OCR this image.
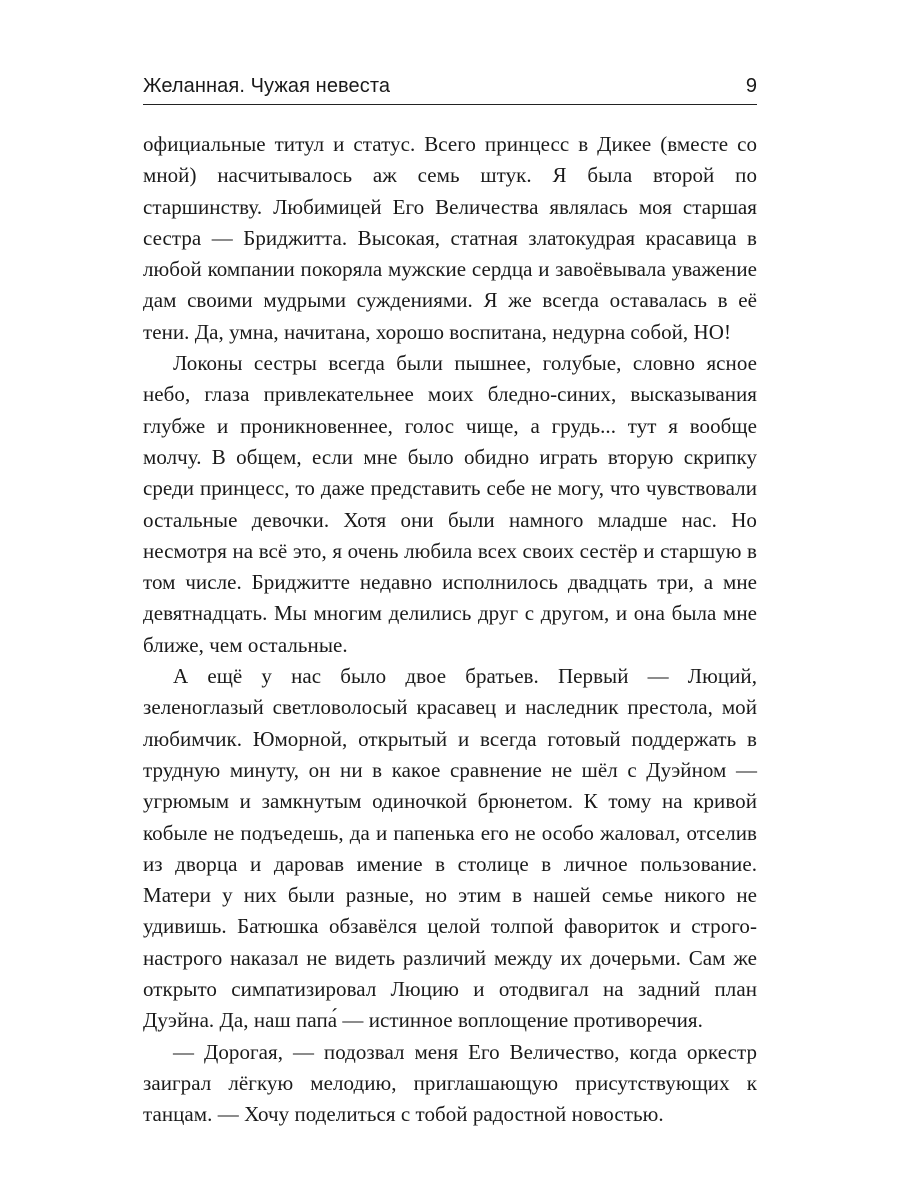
Желанная. Чужая невеста	9

официальные титул и статус. Всего принцесс в Дикее (вместе со мной) насчитывалось аж семь штук. Я была второй по старшинству. Любимицей Его Величества являлась моя старшая сестра — Бриджитта. Высокая, статная златокудрая красавица в любой компании покоряла мужские сердца и завоёвывала уважение дам своими мудрыми суждениями. Я же всегда оставалась в её тени. Да, умна, начитана, хорошо воспитана, недурна собой, НО!

Локоны сестры всегда были пышнее, голубые, словно ясное небо, глаза привлекательнее моих бледно-синих, высказывания глубже и проникновеннее, голос чище, а грудь... тут я вообще молчу. В общем, если мне было обидно играть вторую скрипку среди принцесс, то даже представить себе не могу, что чувствовали остальные девочки. Хотя они были намного младше нас. Но несмотря на всё это, я очень любила всех своих сестёр и старшую в том числе. Бриджитте недавно исполнилось двадцать три, а мне девятнадцать. Мы многим делились друг с другом, и она была мне ближе, чем остальные.

А ещё у нас было двое братьев. Первый — Люций, зеленоглазый светловолосый красавец и наследник престола, мой любимчик. Юморной, открытый и всегда готовый поддержать в трудную минуту, он ни в какое сравнение не шёл с Дуэйном — угрюмым и замкнутым одиночкой брюнетом. К тому на кривой кобыле не подъедешь, да и папенька его не особо жаловал, отселив из дворца и даровав имение в столице в личное пользование. Матери у них были разные, но этим в нашей семье никого не удивишь. Батюшка обзавёлся целой толпой фавориток и строго-настрого наказал не видеть различий между их дочерьми. Сам же открыто симпатизировал Люцию и отодвигал на задний план Дуэйна. Да, наш папа́ — истинное воплощение противоречия.

— Дорогая, — подозвал меня Его Величество, когда оркестр заиграл лёгкую мелодию, приглашающую присутствующих к танцам. — Хочу поделиться с тобой радостной новостью.
